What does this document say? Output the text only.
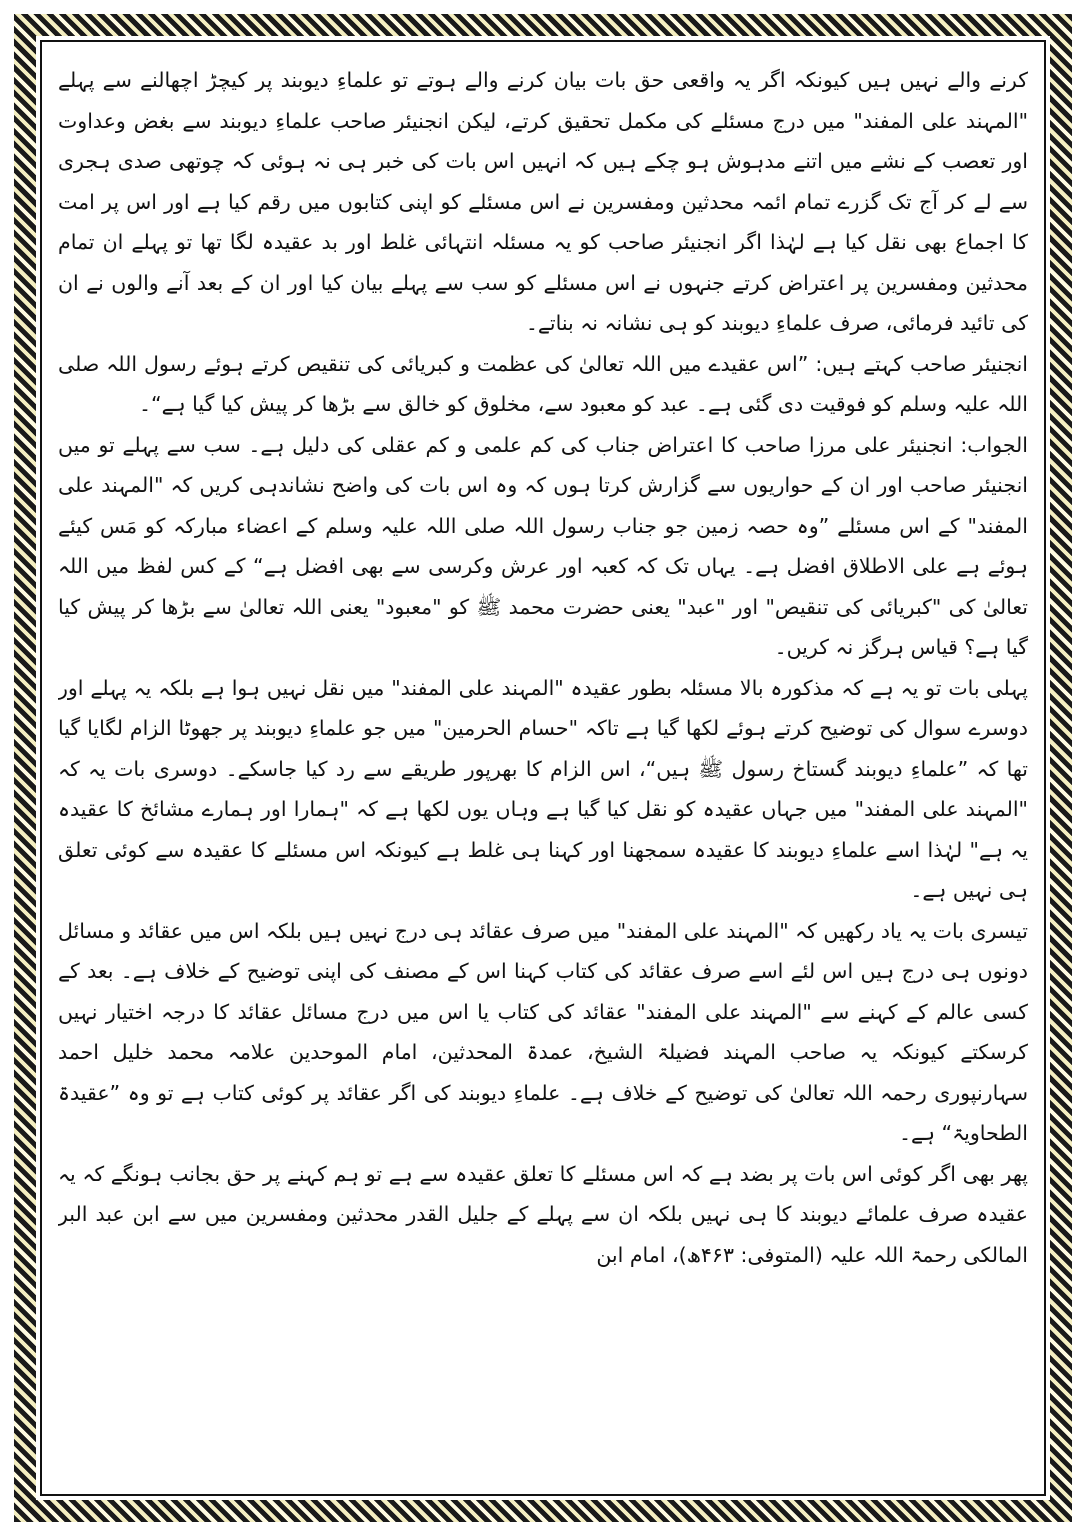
کرنے والے نہیں ہیں کیونکہ اگر یہ واقعی حق بات بیان کرنے والے ہوتے تو علماءِ دیوبند پر کیچڑ اچھالنے سے پہلے "المہند علی المفند" میں درج مسئلے کی مکمل تحقیق کرتے، لیکن انجنیئر صاحب علماءِ دیوبند سے بغض وعداوت اور تعصب کے نشے میں اتنے مدہوش ہو چکے ہیں کہ انہیں اس بات کی خبر ہی نہ ہوئی کہ چوتھی صدی ہجری سے لے کر آج تک گزرے تمام ائمہ محدثین ومفسرین نے اس مسئلے کو اپنی کتابوں میں رقم کیا ہے اور اس پر امت کا اجماع بھی نقل کیا ہے لہٰذا اگر انجنیئر صاحب کو یہ مسئلہ انتہائی غلط اور بد عقیدہ لگا تھا تو پہلے ان تمام محدثین ومفسرین پر اعتراض کرتے جنہوں نے اس مسئلے کو سب سے پہلے بیان کیا اور ان کے بعد آنے والوں نے ان کی تائید فرمائی، صرف علماءِ دیوبند کو ہی نشانہ نہ بناتے۔

انجنیئر صاحب کہتے ہیں: ”اس عقیدے میں اللہ تعالیٰ کی عظمت و کبریائی کی تنقیص کرتے ہوئے رسول اللہ صلی اللہ علیہ وسلم کو فوقیت دی گئی ہے۔ عبد کو معبود سے، مخلوق کو خالق سے بڑھا کر پیش کیا گیا ہے“۔

الجواب: انجنیئر علی مرزا صاحب کا اعتراض جناب کی کم علمی و کم عقلی کی دلیل ہے۔ سب سے پہلے تو میں انجنیئر صاحب اور ان کے حواریوں سے گزارش کرتا ہوں کہ وہ اس بات کی واضح نشاندہی کریں کہ "المہند علی المفند" کے اس مسئلے ”وہ حصہ زمین جو جناب رسول اللہ صلی اللہ علیہ وسلم کے اعضاء مبارکہ کو مَس کیئے ہوئے ہے علی الاطلاق افضل ہے۔ یہاں تک کہ کعبہ اور عرش وکرسی سے بھی افضل ہے“ کے کس لفظ میں اللہ تعالیٰ کی "کبریائی کی تنقیص" اور "عبد" یعنی حضرت محمد ﷺ کو "معبود" یعنی اللہ تعالیٰ سے بڑھا کر پیش کیا گیا ہے؟ قیاس ہرگز نہ کریں۔

پہلی بات تو یہ ہے کہ مذکورہ بالا مسئلہ بطور عقیدہ "المہند علی المفند" میں نقل نہیں ہوا ہے بلکہ یہ پہلے اور دوسرے سوال کی توضیح کرتے ہوئے لکھا گیا ہے تاکہ "حسام الحرمین" میں جو علماءِ دیوبند پر جھوٹا الزام لگایا گیا تھا کہ ”علماءِ دیوبند گستاخ رسول ﷺ ہیں“، اس الزام کا بھرپور طریقے سے رد کیا جاسکے۔ دوسری بات یہ کہ "المہند علی المفند" میں جہاں عقیدہ کو نقل کیا گیا ہے وہاں یوں لکھا ہے کہ "ہمارا اور ہمارے مشائخ کا عقیدہ یہ ہے" لہٰذا اسے علماءِ دیوبند کا عقیدہ سمجھنا اور کہنا ہی غلط ہے کیونکہ اس مسئلے کا عقیدہ سے کوئی تعلق ہی نہیں ہے۔

تیسری بات یہ یاد رکھیں کہ "المہند علی المفند" میں صرف عقائد ہی درج نہیں ہیں بلکہ اس میں عقائد و مسائل دونوں ہی درج ہیں اس لئے اسے صرف عقائد کی کتاب کہنا اس کے مصنف کی اپنی توضیح کے خلاف ہے۔ بعد کے کسی عالم کے کہنے سے "المہند علی المفند" عقائد کی کتاب یا اس میں درج مسائل عقائد کا درجہ اختیار نہیں کرسکتے کیونکہ یہ صاحب المہند فضیلۃ الشیخ، عمدۃ المحدثین، امام الموحدین علامہ محمد خلیل احمد سہارنپوری رحمہ اللہ تعالیٰ کی توضیح کے خلاف ہے۔ علماءِ دیوبند کی اگر عقائد پر کوئی کتاب ہے تو وہ ”عقیدۃ الطحاویۃ“ ہے۔

پھر بھی اگر کوئی اس بات پر بضد ہے کہ اس مسئلے کا تعلق عقیدہ سے ہے تو ہم کہنے پر حق بجانب ہونگے کہ یہ عقیدہ صرف علمائے دیوبند کا ہی نہیں بلکہ ان سے پہلے کے جلیل القدر محدثین ومفسرین میں سے ابن عبد البر المالکی رحمۃ اللہ علیہ (المتوفی: ۴۶۳ھ)، امام ابن
